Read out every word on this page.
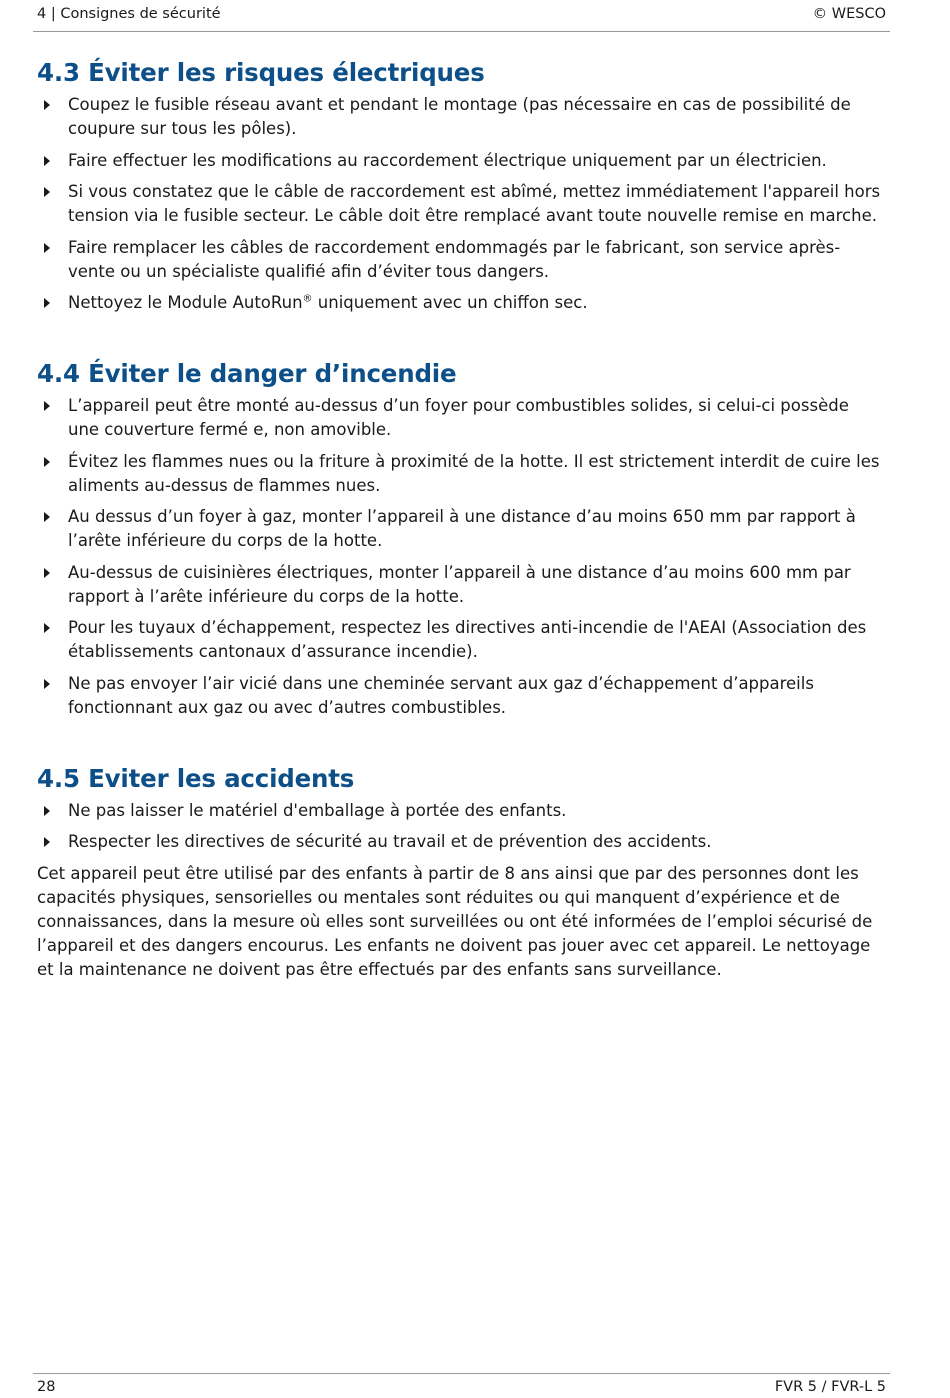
4 | Consignes de sécurité	© WESCO
4.3 Éviter les risques électriques
Coupez le fusible réseau avant et pendant le montage (pas nécessaire en cas de possibilité de coupure sur tous les pôles).
Faire effectuer les modifications au raccordement électrique uniquement par un électricien.
Si vous constatez que le câble de raccordement est abîmé, mettez immédiatement l'appareil hors tension via le fusible secteur. Le câble doit être remplacé avant toute nouvelle remise en marche.
Faire remplacer les câbles de raccordement endommagés par le fabricant, son service après-vente ou un spécialiste qualifié afin d’éviter tous dangers.
Nettoyez le Module AutoRun® uniquement avec un chiffon sec.
4.4 Éviter le danger d’incendie
L’appareil peut être monté au-dessus d’un foyer pour combustibles solides, si celui-ci possède une couverture fermé e, non amovible.
Évitez les flammes nues ou la friture à proximité de la hotte. Il est strictement interdit de cuire les aliments au-dessus de flammes nues.
Au dessus d’un foyer à gaz, monter l’appareil à une distance d’au moins 650 mm par rapport à l’arête inférieure du corps de la hotte.
Au-dessus de cuisinières électriques, monter l’appareil à une distance d’au moins 600 mm par rapport à l’arête inférieure du corps de la hotte.
Pour les tuyaux d’échappement, respectez les directives anti-incendie de l'AEAI (Association des établissements cantonaux d’assurance incendie).
Ne pas envoyer l’air vicié dans une cheminée servant aux gaz d’échappement d’appareils fonctionnant aux gaz ou avec d’autres combustibles.
4.5 Eviter les accidents
Ne pas laisser le matériel d'emballage à portée des enfants.
Respecter les directives de sécurité au travail et de prévention des accidents.

Cet appareil peut être utilisé par des enfants à partir de 8 ans ainsi que par des personnes dont les capacités physiques, sensorielles ou mentales sont réduites ou qui manquent d’expérience et de connaissances, dans la mesure où elles sont surveillées ou ont été informées de l’emploi sécurisé de l’appareil et des dangers encourus. Les enfants ne doivent pas jouer avec cet appareil. Le nettoyage et la maintenance ne doivent pas être effectués par des enfants sans surveillance.

28	FVR 5 / FVR-L 5
